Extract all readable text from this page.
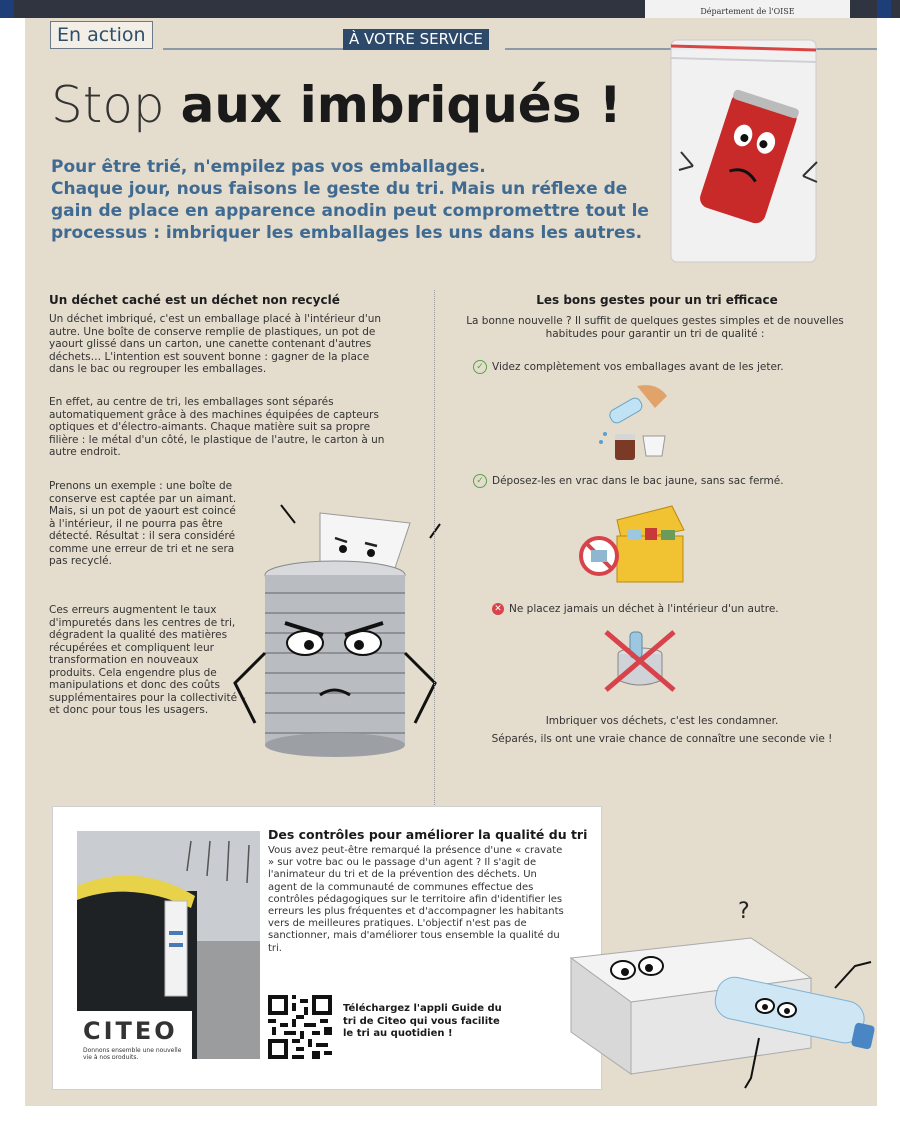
Département de l'OISE
En action	À VOTRE SERVICE
Stop aux imbriqués !
Pour être trié, n'empilez pas vos emballages.
Chaque jour, nous faisons le geste du tri. Mais un réflexe de
gain de place en apparence anodin peut compromettre tout le
processus : imbriquer les emballages les uns dans les autres.
Un déchet caché est un déchet non recyclé

Un déchet imbriqué, c'est un emballage placé à l'intérieur d'un autre. Une boîte de conserve remplie de plastiques, un pot de yaourt glissé dans un carton, une canette contenant d'autres déchets… L'intention est souvent bonne : gagner de la place dans le bac ou regrouper les emballages.

En effet, au centre de tri, les emballages sont séparés automatiquement grâce à des machines équipées de capteurs optiques et d'électro-aimants. Chaque matière suit sa propre filière : le métal d'un côté, le plastique de l'autre, le carton à un autre endroit.

Prenons un exemple : une boîte de conserve est captée par un aimant. Mais, si un pot de yaourt est coincé à l'intérieur, il ne pourra pas être détecté. Résultat : il sera considéré comme une erreur de tri et ne sera pas recyclé.

Ces erreurs augmentent le taux d'impuretés dans les centres de tri, dégradent la qualité des matières récupérées et compliquent leur transformation en nouveaux produits. Cela engendre plus de manipulations et donc des coûts supplémentaires pour la collectivité – et donc pour tous les usagers.

Les bons gestes pour un tri efficace
La bonne nouvelle ? Il suffit de quelques gestes simples et de nouvelles habitudes pour garantir un tri de qualité :
✓ Videz complètement vos emballages avant de les jeter.
✓ Déposez-les en vrac dans le bac jaune, sans sac fermé.
✕ Ne placez jamais un déchet à l'intérieur d'un autre.
Imbriquer vos déchets, c'est les condamner.
Séparés, ils ont une vraie chance de connaître une seconde vie !
CITEO
Donnons ensemble une nouvelle vie à nos produits.
Des contrôles pour améliorer la qualité du tri
Vous avez peut-être remarqué la présence d'une « cravate » sur votre bac ou le passage d'un agent ? Il s'agit de l'animateur du tri et de la prévention des déchets. Un agent de la communauté de communes effectue des contrôles pédagogiques sur le territoire afin d'identifier les erreurs les plus fréquentes et d'accompagner les habitants vers de meilleures pratiques. L'objectif n'est pas de sanctionner, mais d'améliorer tous ensemble la qualité du tri.
Téléchargez l'appli Guide du
tri de Citeo qui vous facilite
le tri au quotidien !
?
